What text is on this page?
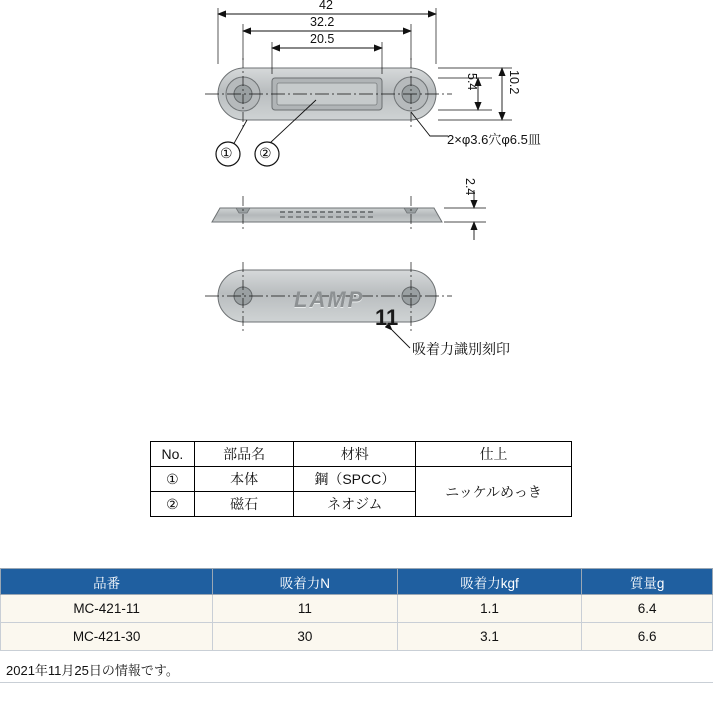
42
32.2
20.5
5.4 10.2
2.4
① ②
2×φ3.6穴φ6.5皿
LAMP
11
吸着力識別刻印
No.	部品名	材料	仕上
①	本体	鋼（SPCC）	ニッケルめっき
②	磁石	ネオジム	
品番	吸着力N	吸着力kgf	質量g
MC-421-11	11	1.1	6.4
MC-421-30	30	3.1	6.6
2021年11月25日の情報です。
